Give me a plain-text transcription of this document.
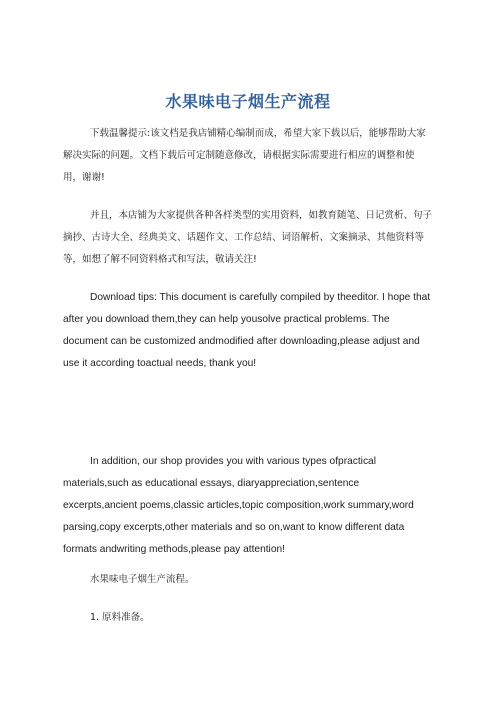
水果味电子烟生产流程

下载温馨提示:该文档是我店铺精心编制而成，希望大家下载以后，能够帮助大家解决实际的问题。文档下载后可定制随意修改，请根据实际需要进行相应的调整和使用，谢谢!

并且，本店铺为大家提供各种各样类型的实用资料，如教育随笔、日记赏析、句子摘抄、古诗大全、经典美文、话题作文、工作总结、词语解析、文案摘录、其他资料等等，如想了解不同资料格式和写法，敬请关注!

Download tips: This document is carefully compiled by theeditor. I hope that after you download them,they can help yousolve practical problems. The document can be customized andmodified after downloading,please adjust and use it according toactual needs, thank you!

In addition, our shop provides you with various types ofpractical materials,such as educational essays, diaryappreciation,sentence excerpts,ancient poems,classic articles,topic composition,work summary,word parsing,copy excerpts,other materials and so on,want to know different data formats andwriting methods,please pay attention!

水果味电子烟生产流程。

1. 原料准备。
